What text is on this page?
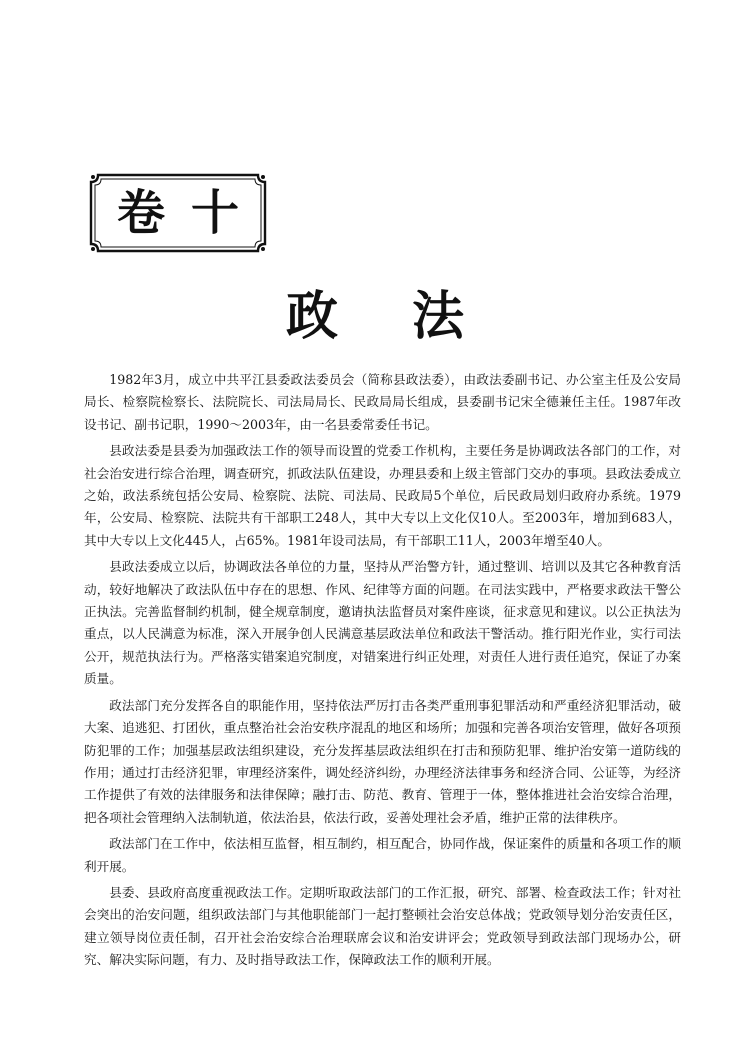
卷十
政法

1982年3月，成立中共平江县委政法委员会（简称县政法委），由政法委副书记、办公室主任及公安局局长、检察院检察长、法院院长、司法局局长、民政局局长组成，县委副书记宋全德兼任主任。1987年改设书记、副书记职，1990～2003年，由一名县委常委任书记。

县政法委是县委为加强政法工作的领导而设置的党委工作机构，主要任务是协调政法各部门的工作，对社会治安进行综合治理，调查研究，抓政法队伍建设，办理县委和上级主管部门交办的事项。县政法委成立之始，政法系统包括公安局、检察院、法院、司法局、民政局5个单位，后民政局划归政府办系统。1979年，公安局、检察院、法院共有干部职工248人，其中大专以上文化仅10人。至2003年，增加到683人，其中大专以上文化445人，占65%。1981年设司法局，有干部职工11人，2003年增至40人。

县政法委成立以后，协调政法各单位的力量，坚持从严治警方针，通过整训、培训以及其它各种教育活动，较好地解决了政法队伍中存在的思想、作风、纪律等方面的问题。在司法实践中，严格要求政法干警公正执法。完善监督制约机制，健全规章制度，邀请执法监督员对案件座谈，征求意见和建议。以公正执法为重点，以人民满意为标准，深入开展争创人民满意基层政法单位和政法干警活动。推行阳光作业，实行司法公开，规范执法行为。严格落实错案追究制度，对错案进行纠正处理，对责任人进行责任追究，保证了办案质量。

政法部门充分发挥各自的职能作用，坚持依法严厉打击各类严重刑事犯罪活动和严重经济犯罪活动，破大案、追逃犯、打团伙，重点整治社会治安秩序混乱的地区和场所；加强和完善各项治安管理，做好各项预防犯罪的工作；加强基层政法组织建设，充分发挥基层政法组织在打击和预防犯罪、维护治安第一道防线的作用；通过打击经济犯罪，审理经济案件，调处经济纠纷，办理经济法律事务和经济合同、公证等，为经济工作提供了有效的法律服务和法律保障；融打击、防范、教育、管理于一体，整体推进社会治安综合治理，把各项社会管理纳入法制轨道，依法治县，依法行政，妥善处理社会矛盾，维护正常的法律秩序。

政法部门在工作中，依法相互监督，相互制约，相互配合，协同作战，保证案件的质量和各项工作的顺利开展。

县委、县政府高度重视政法工作。定期听取政法部门的工作汇报，研究、部署、检查政法工作；针对社会突出的治安问题，组织政法部门与其他职能部门一起打整顿社会治安总体战；党政领导划分治安责任区，建立领导岗位责任制，召开社会治安综合治理联席会议和治安讲评会；党政领导到政法部门现场办公，研究、解决实际问题，有力、及时指导政法工作，保障政法工作的顺利开展。
